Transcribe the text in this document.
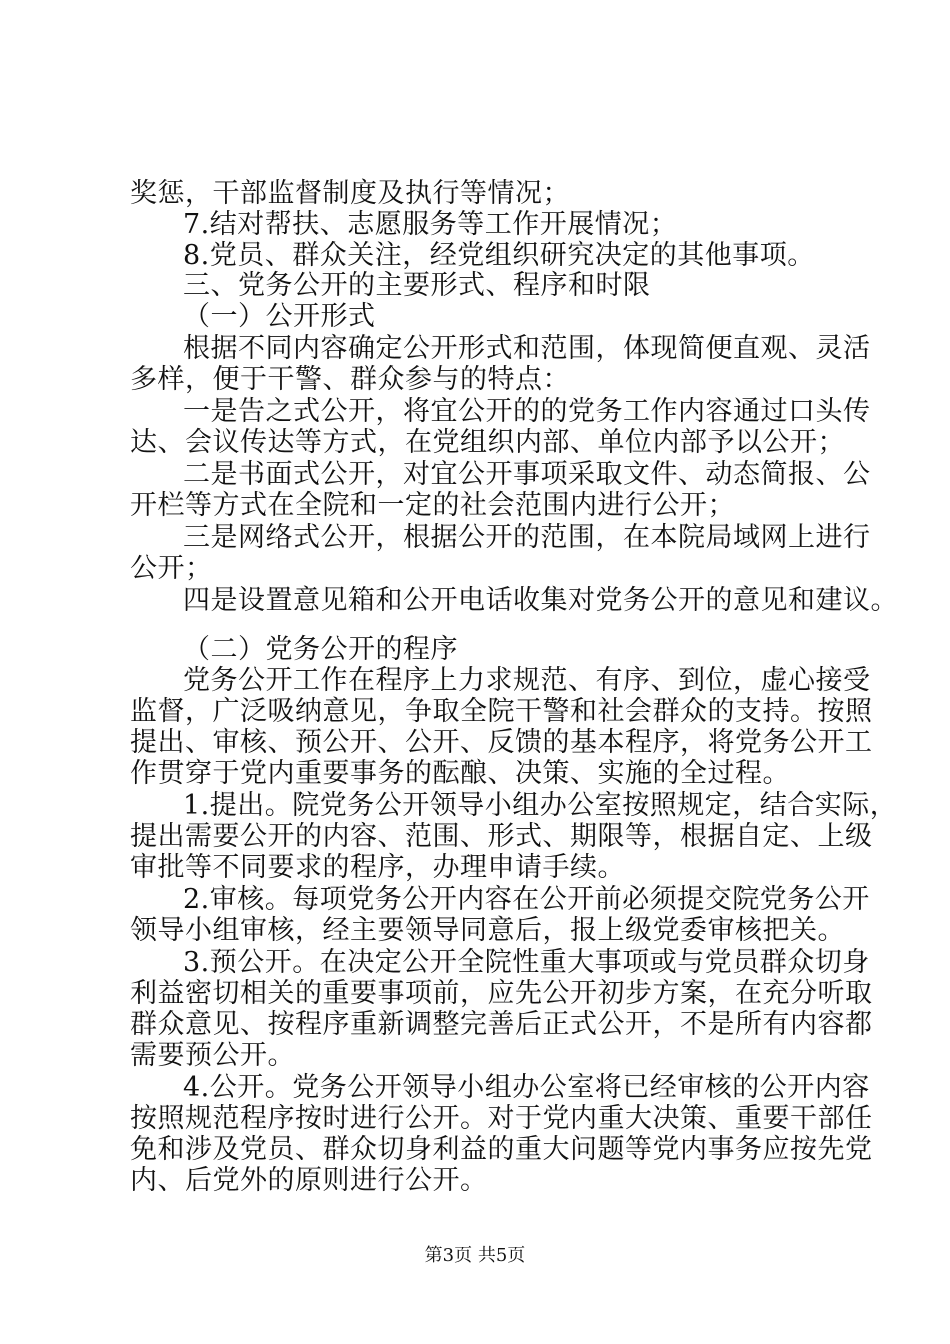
奖惩，干部监督制度及执行等情况；
7.结对帮扶、志愿服务等工作开展情况；
8.党员、群众关注，经党组织研究决定的其他事项。
三、党务公开的主要形式、程序和时限
（一）公开形式
根据不同内容确定公开形式和范围，体现简便直观、灵活
多样，便于干警、群众参与的特点：
一是告之式公开，将宜公开的的党务工作内容通过口头传
达、会议传达等方式，在党组织内部、单位内部予以公开；
二是书面式公开，对宜公开事项采取文件、动态简报、公
开栏等方式在全院和一定的社会范围内进行公开；
三是网络式公开，根据公开的范围，在本院局域网上进行
公开；
四是设置意见箱和公开电话收集对党务公开的意见和建议。
（二）党务公开的程序
党务公开工作在程序上力求规范、有序、到位，虚心接受
监督，广泛吸纳意见，争取全院干警和社会群众的支持。按照
提出、审核、预公开、公开、反馈的基本程序，将党务公开工
作贯穿于党内重要事务的酝酿、决策、实施的全过程。
1.提出。院党务公开领导小组办公室按照规定，结合实际，
提出需要公开的内容、范围、形式、期限等，根据自定、上级
审批等不同要求的程序，办理申请手续。
2.审核。每项党务公开内容在公开前必须提交院党务公开
领导小组审核，经主要领导同意后，报上级党委审核把关。
3.预公开。在决定公开全院性重大事项或与党员群众切身
利益密切相关的重要事项前，应先公开初步方案，在充分听取
群众意见、按程序重新调整完善后正式公开，不是所有内容都
需要预公开。
4.公开。党务公开领导小组办公室将已经审核的公开内容
按照规范程序按时进行公开。对于党内重大决策、重要干部任
免和涉及党员、群众切身利益的重大问题等党内事务应按先党
内、后党外的原则进行公开。
第3页 共5页
